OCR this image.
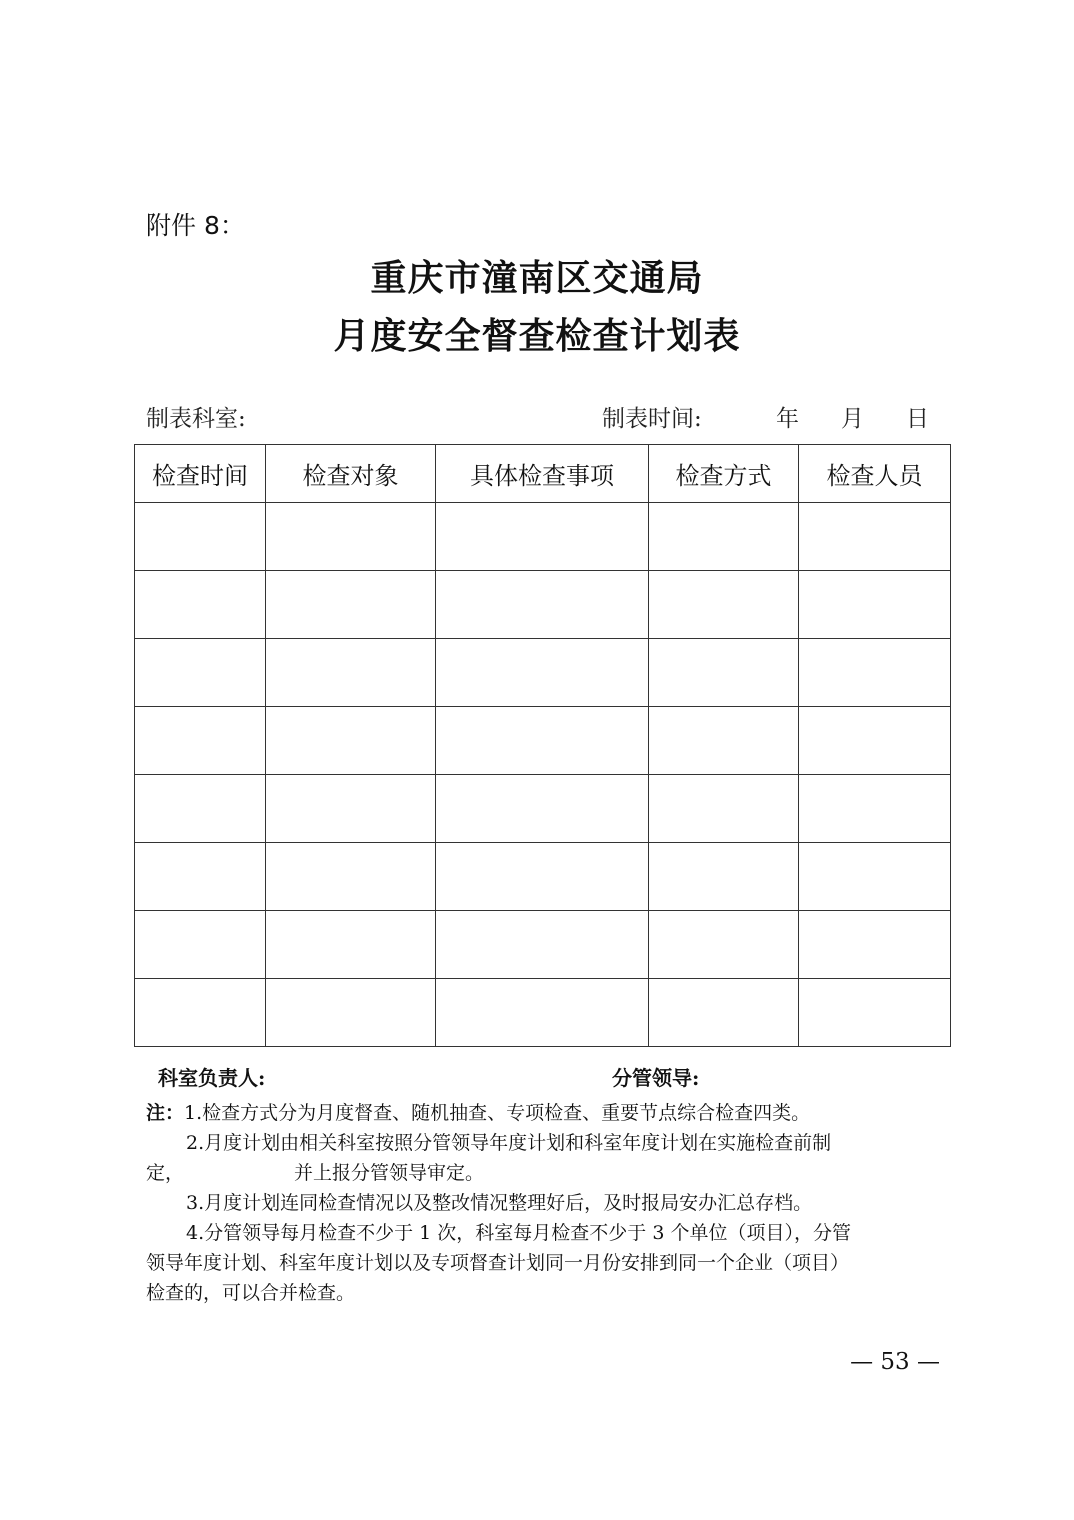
附件 8：
重庆市潼南区交通局
月度安全督查检查计划表
制表科室:	制表时间:	年 月 日
检查时间	检查对象	具体检查事项	检查方式	检查人员

科室负责人:	分管领导:

注：1.检查方式分为月度督查、随机抽查、专项检查、重要节点综合检查四类。

2.月度计划由相关科室按照分管领导年度计划和科室年度计划在实施检查前制

定，	并上报分管领导审定。

3.月度计划连同检查情况以及整改情况整理好后，及时报局安办汇总存档。

4.分管领导每月检查不少于 1 次，科室每月检查不少于 3 个单位（项目），分管

领导年度计划、科室年度计划以及专项督查计划同一月份安排到同一个企业（项目）

检查的，可以合并检查。

— 53 —
